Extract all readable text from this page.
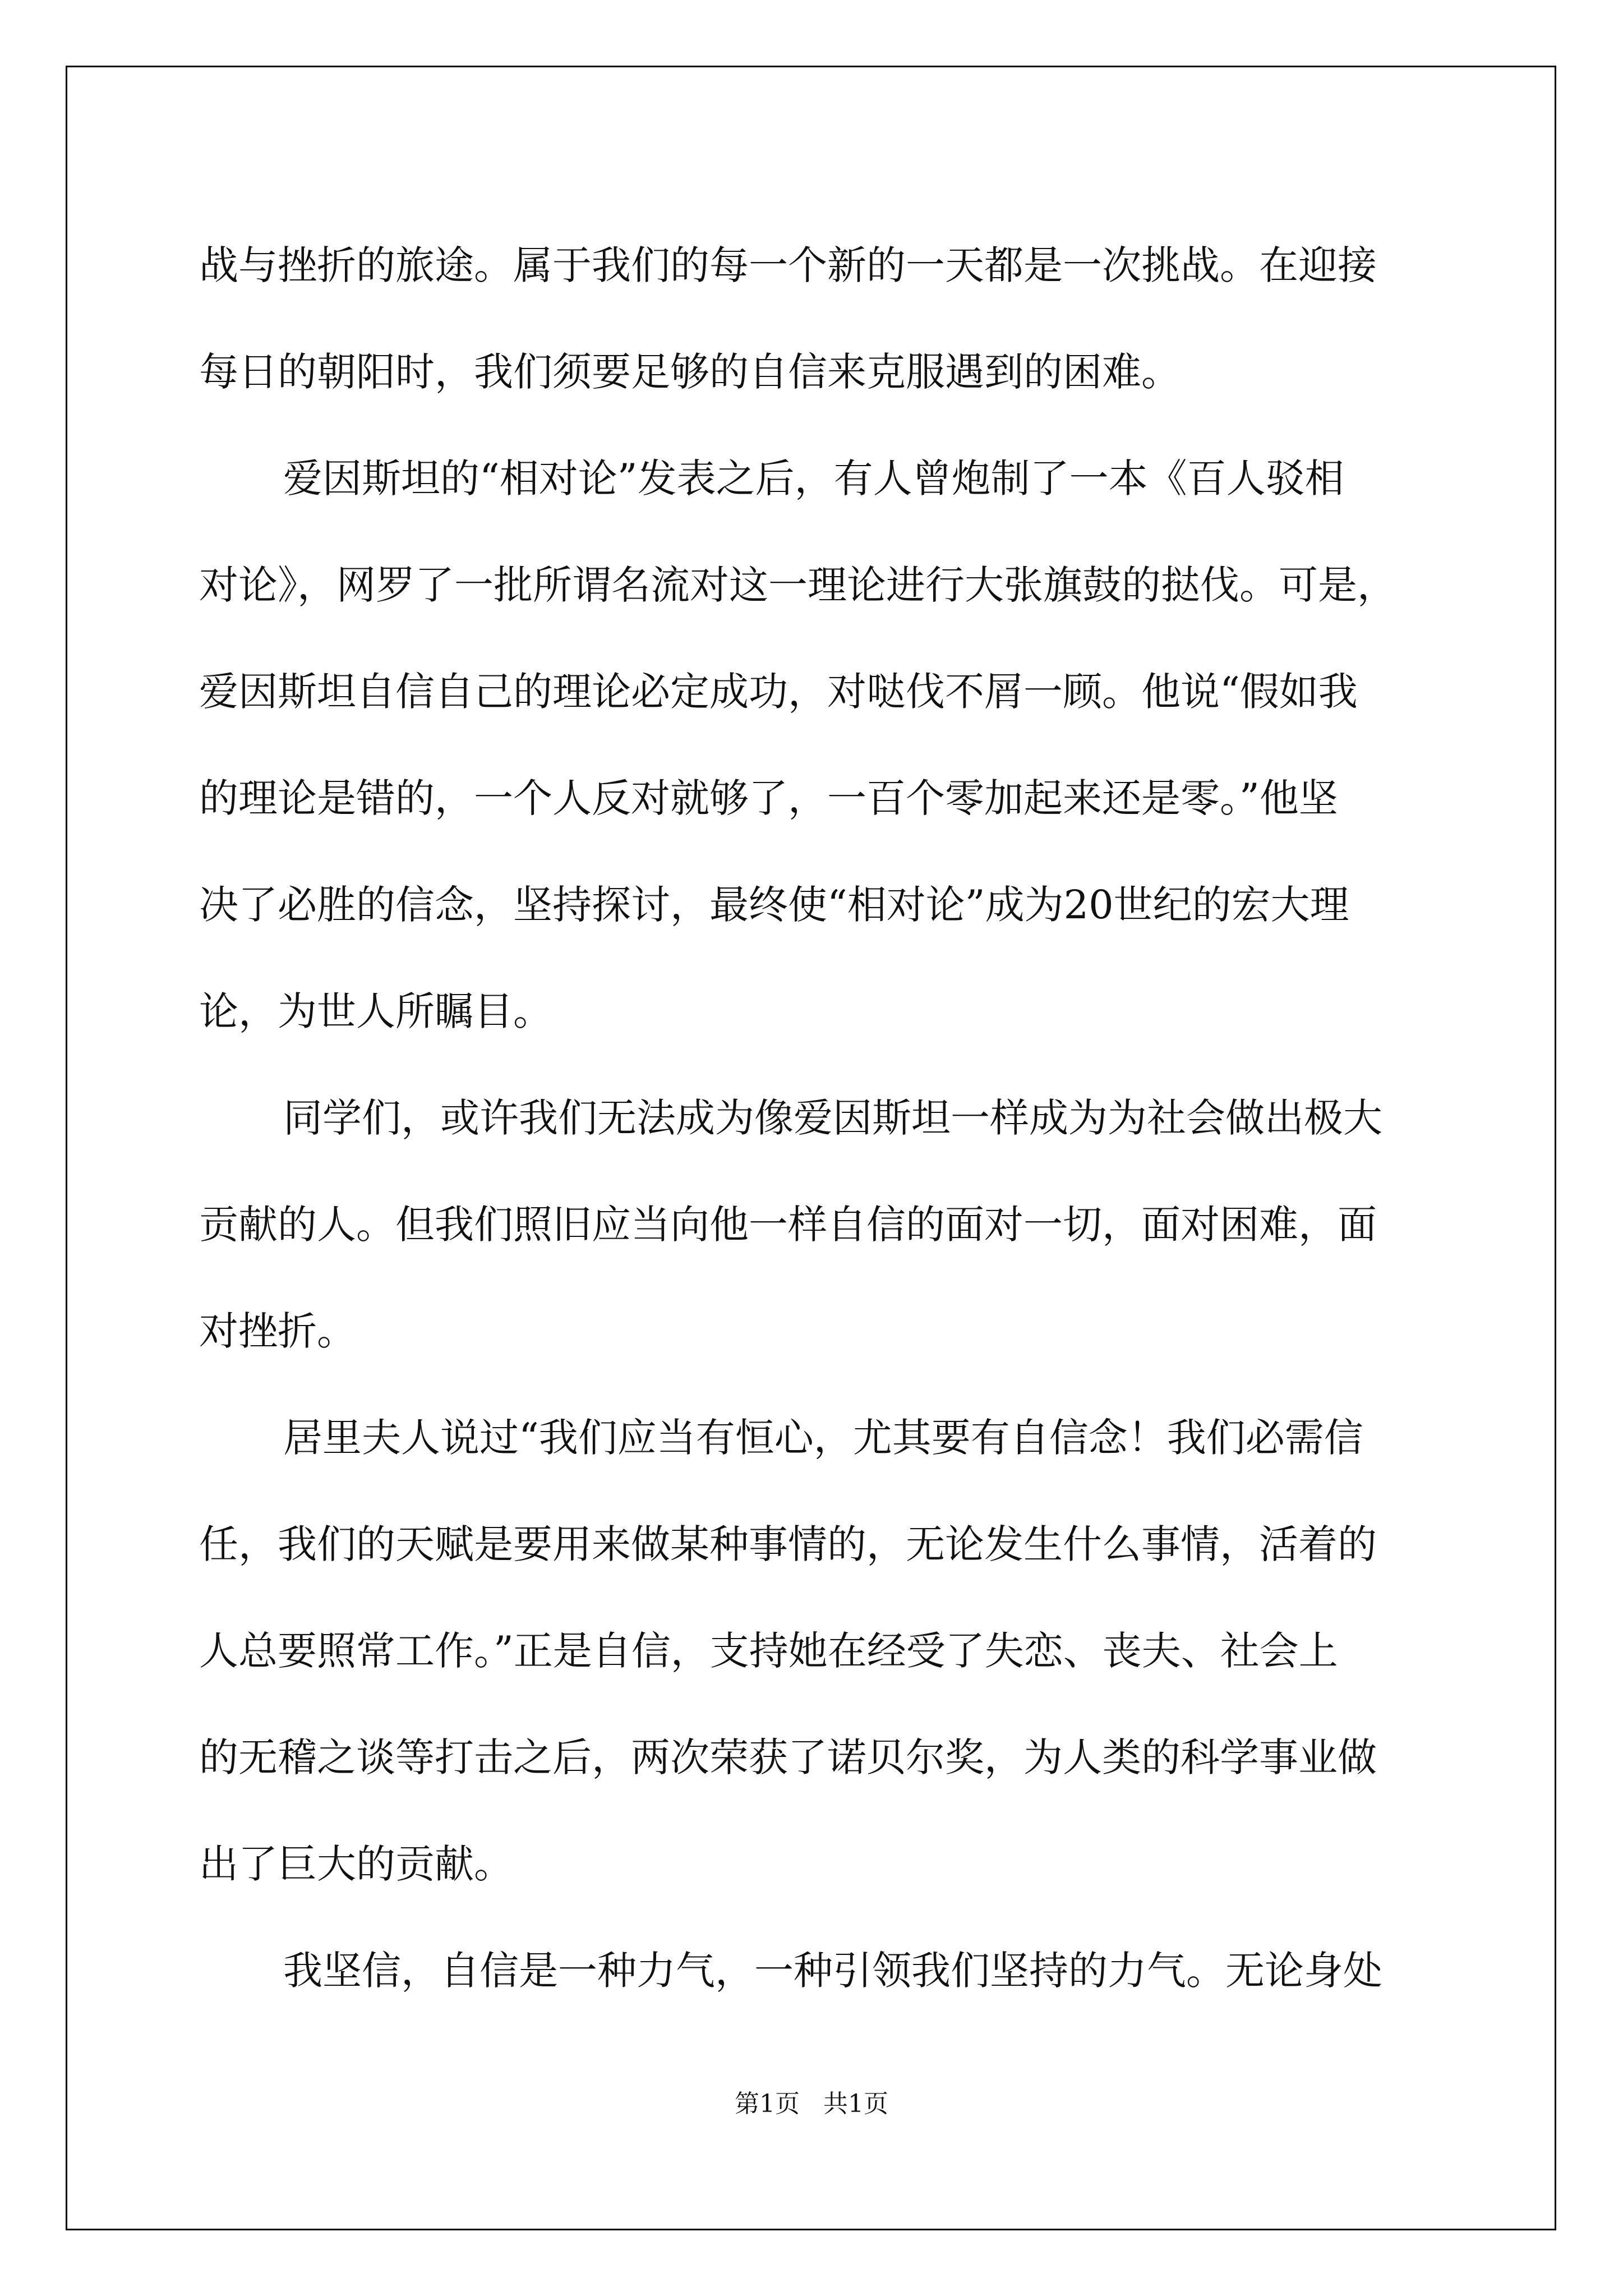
战与挫折的旅途。属于我们的每一个新的一天都是一次挑战。在迎接
每日的朝阳时，我们须要足够的自信来克服遇到的困难。
爱因斯坦的“相对论”发表之后，有人曾炮制了一本《百人驳相
对论》，网罗了一批所谓名流对这一理论进行大张旗鼓的挞伐。可是，
爱因斯坦自信自己的理论必定成功，对哒伐不屑一顾。他说“假如我
的理论是错的，一个人反对就够了，一百个零加起来还是零。”他坚
决了必胜的信念，坚持探讨，最终使“相对论”成为20世纪的宏大理
论，为世人所瞩目。
同学们，或许我们无法成为像爱因斯坦一样成为为社会做出极大
贡献的人。但我们照旧应当向他一样自信的面对一切，面对困难，面
对挫折。
居里夫人说过“我们应当有恒心，尤其要有自信念！我们必需信
任，我们的天赋是要用来做某种事情的，无论发生什么事情，活着的
人总要照常工作。”正是自信，支持她在经受了失恋、丧夫、社会上
的无稽之谈等打击之后，两次荣获了诺贝尔奖，为人类的科学事业做
出了巨大的贡献。
我坚信，自信是一种力气，一种引领我们坚持的力气。无论身处
第1页 共1页
